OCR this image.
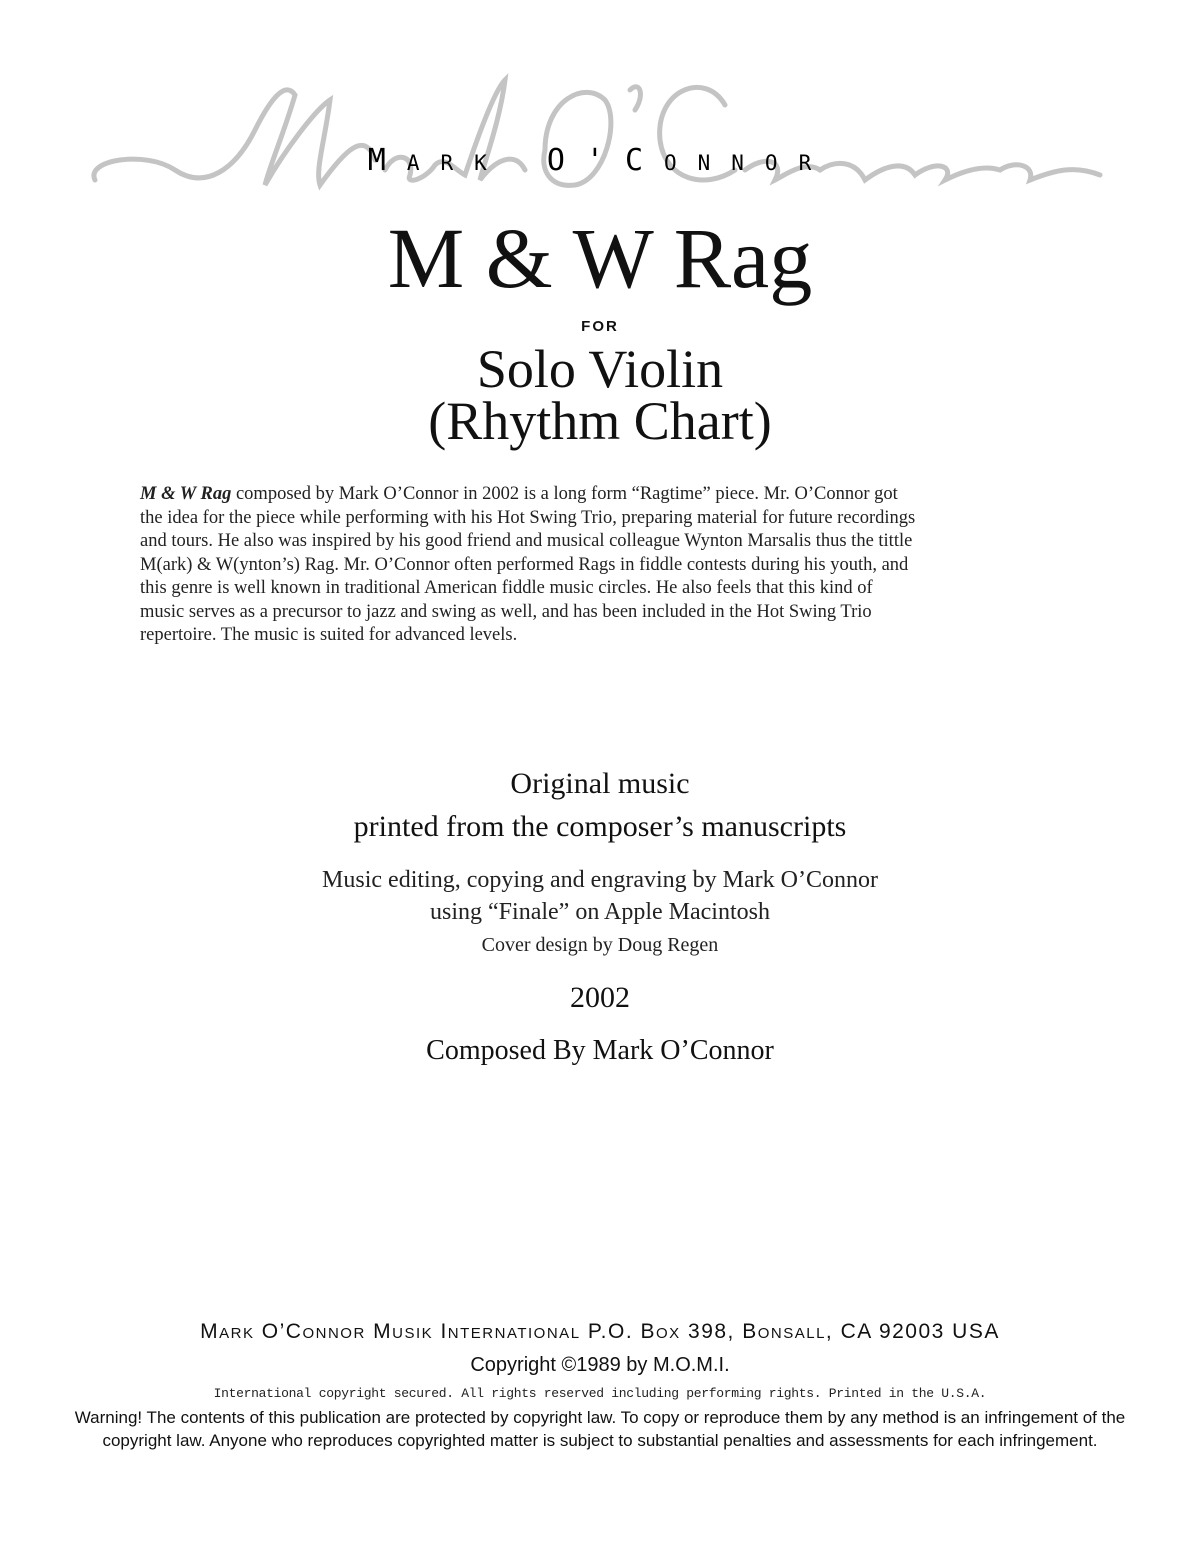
Mark O'Connor
M & W Rag
FOR
Solo Violin
(Rhythm Chart)
M & W Rag composed by Mark O’Connor in 2002 is a long form “Ragtime” piece. Mr. O’Connor got
the idea for the piece while performing with his Hot Swing Trio, preparing material for future recordings
and tours. He also was inspired by his good friend and musical colleague Wynton Marsalis thus the tittle
M(ark) & W(ynton’s) Rag. Mr. O’Connor often performed Rags in fiddle contests during his youth, and
this genre is well known in traditional American fiddle music circles. He also feels that this kind of
music serves as a precursor to jazz and swing as well, and has been included in the Hot Swing Trio
repertoire. The music is suited for advanced levels.
Original music
printed from the composer’s manuscripts
Music editing, copying and engraving by Mark O’Connor
using “Finale” on Apple Macintosh
Cover design by Doug Regen
2002
Composed By Mark O’Connor
Mark O’Connor Musik International P.O. Box 398, Bonsall, CA 92003 USA
Copyright ©1989 by M.O.M.I.
International copyright secured. All rights reserved including performing rights. Printed in the U.S.A.
Warning! The contents of this publication are protected by copyright law. To copy or reproduce them by any method is an infringement of the copyright law. Anyone who reproduces copyrighted matter is subject to substantial penalties and assessments for each infringement.
